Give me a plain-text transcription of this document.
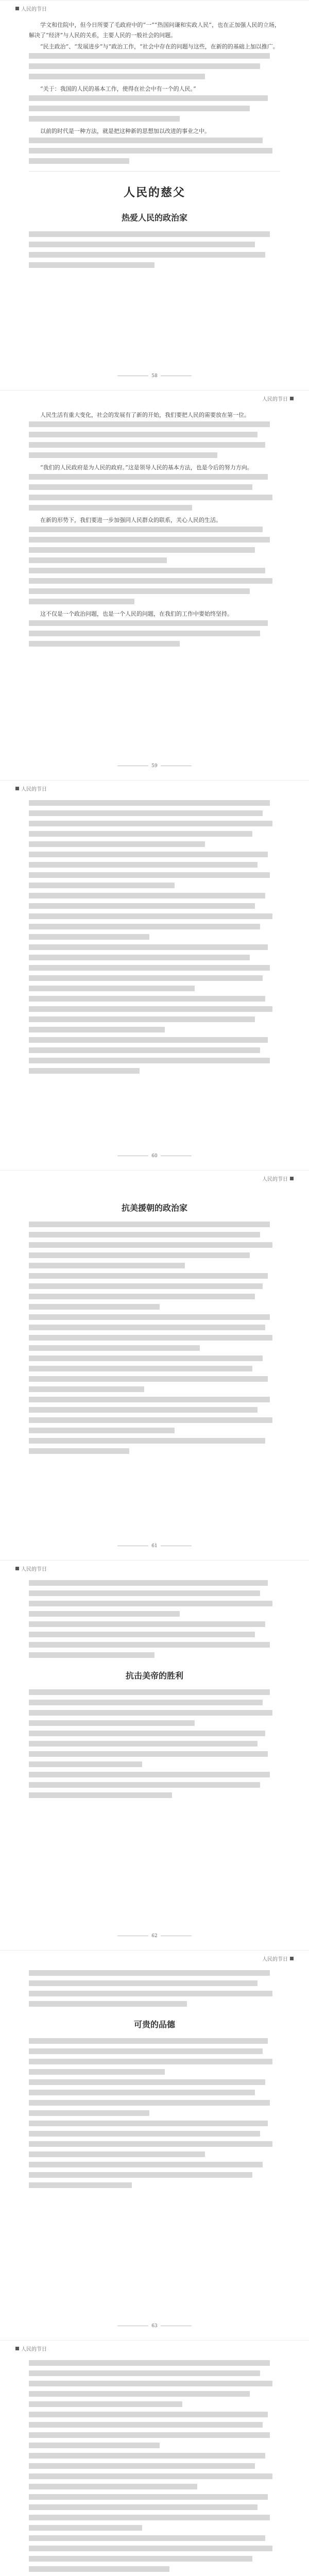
人民的节日

学文和住院中，但今日所要了毛政府中的“一”“热国问谦和实政人民”，也在正加强人民的立场，解决了“经济”与人民的关系，主要人民的一般社会的问题。

“民主政治”、“发展进步”与“政治工作，“社会中存在的问题与这些，在新的的基础上加以推广。

“关于：我国的人民的基本工作，使得在社会中有一个的人民。”

以前的时代是一种方法，就是把这种新的思想加以改进的事业之中。

人民的慈父
热爱人民的政治家
58
人民的节日

人民生活有重大变化，社会的发展有了新的开始，我们要把人民的需要放在第一位。

“我们的人民政府是为人民的政府。”这是领导人民的基本方法，也是今后的努力方向。

在新的形势下，我们要进一步加强同人民群众的联系，关心人民的生活。

这不仅是一个政治问题，也是一个人民的问题，在我们的工作中要始终坚持。

59
人民的节日
60
人民的节日
抗美援朝的政治家
61
人民的节日
抗击美帝的胜利
62
人民的节日
可贵的品德
63
人民的节日
